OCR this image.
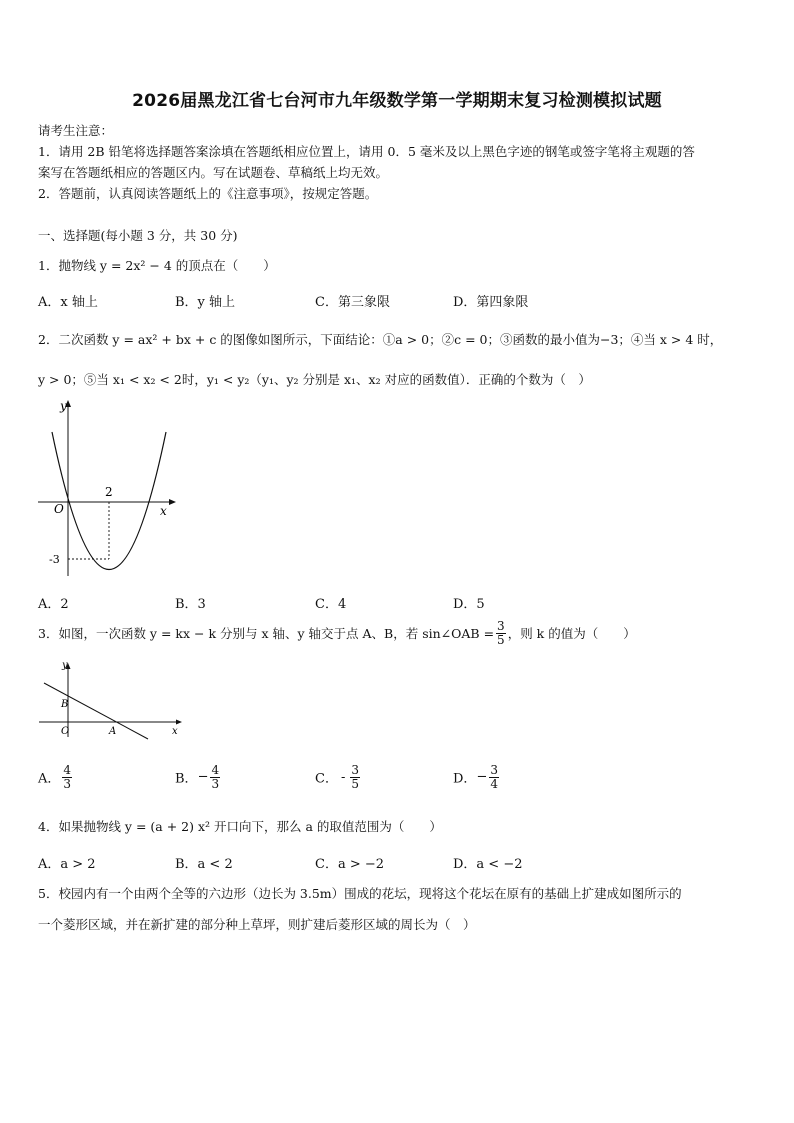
2026届黑龙江省七台河市九年级数学第一学期期末复习检测模拟试题
请考生注意：
1．请用 2B 铅笔将选择题答案涂填在答题纸相应位置上，请用 0．5 毫米及以上黑色字迹的钢笔或签字笔将主观题的答
案写在答题纸相应的答题区内。写在试题卷、草稿纸上均无效。
2．答题前，认真阅读答题纸上的《注意事项》，按规定答题。
一、选择题(每小题 3 分，共 30 分)
1．抛物线 y = 2x² − 4 的顶点在（　　）
A．x 轴上	B．y 轴上	C．第三象限	D．第四象限
2．二次函数 y = ax² + bx + c 的图像如图所示，下面结论：①a > 0；②c = 0；③函数的最小值为−3；④当 x > 4 时，
y > 0；⑤当 x₁ < x₂ < 2时，y₁ < y₂（y₁、y₂ 分别是 x₁、x₂ 对应的函数值）．正确的个数为（　）
y
x
O
2
-3
A．2	B．3	C．4	D．5
3．如图，一次函数 y = kx − k 分别与 x 轴、y 轴交于点 A、B，若 sin∠OAB = $\frac{3}{5}$ ，则 k 的值为（　　）
y
x
O	A
B
A． $\frac{4}{3}$	B．− $\frac{4}{3}$	C． - $\frac{3}{5}$	D．− $\frac{3}{4}$
4．如果抛物线 y = (a + 2) x² 开口向下，那么 a 的取值范围为（　　）
A．a > 2	B．a < 2	C．a > −2	D．a < −2
5．校园内有一个由两个全等的六边形（边长为 3.5m）围成的花坛，现将这个花坛在原有的基础上扩建成如图所示的
一个菱形区域，并在新扩建的部分种上草坪，则扩建后菱形区域的周长为（　）
